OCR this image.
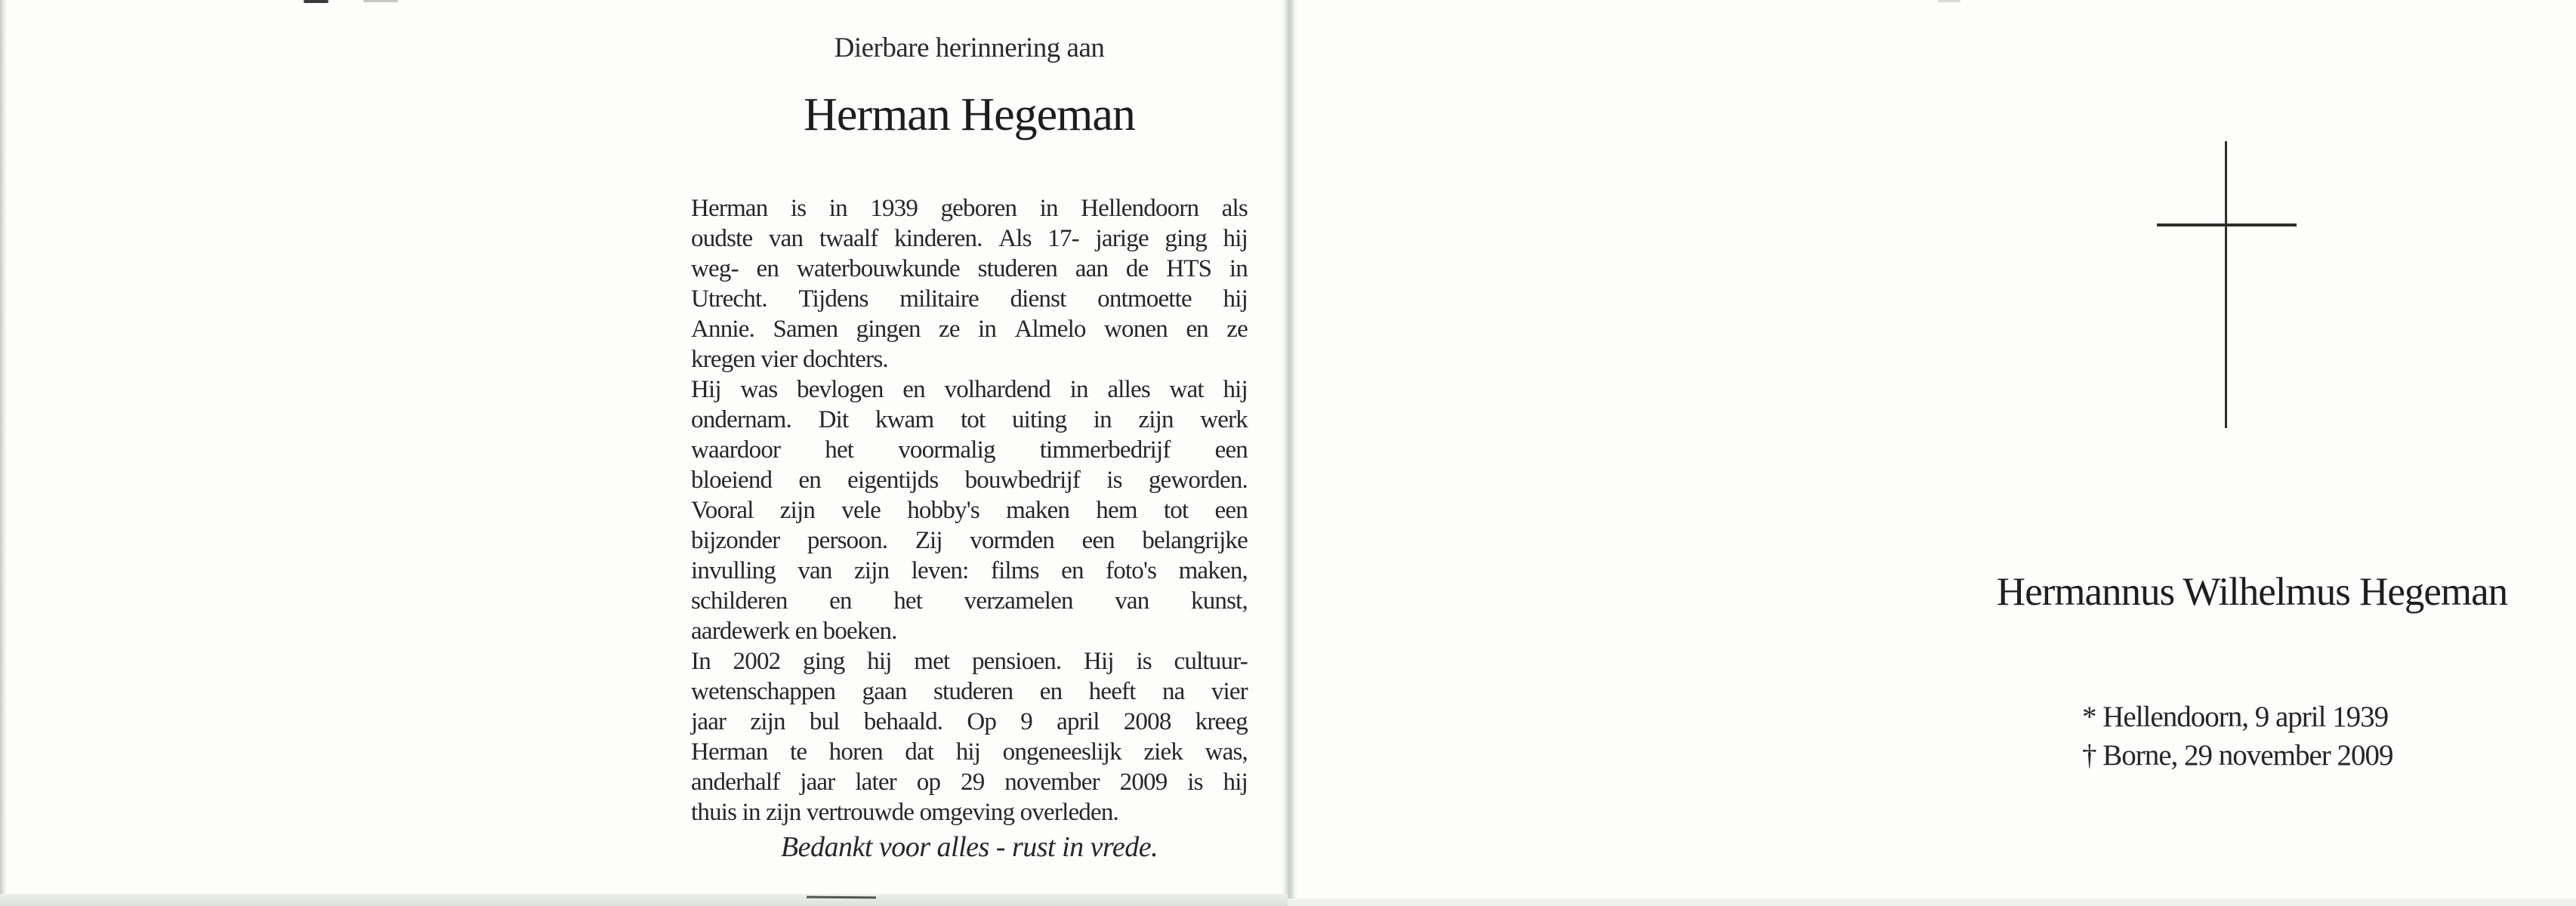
Dierbare herinnering aan
Herman Hegeman
Herman is in 1939 geboren in Hellendoorn als
oudste van twaalf kinderen. Als 17- jarige ging hij
weg- en waterbouwkunde studeren aan de HTS in
Utrecht. Tijdens militaire dienst ontmoette hij
Annie. Samen gingen ze in Almelo wonen en ze
kregen vier dochters.
Hij was bevlogen en volhardend in alles wat hij
ondernam. Dit kwam tot uiting in zijn werk
waardoor het voormalig timmerbedrijf een
bloeiend en eigentijds bouwbedrijf is geworden.
Vooral zijn vele hobby's maken hem tot een
bijzonder persoon. Zij vormden een belangrijke
invulling van zijn leven: films en foto's maken,
schilderen en het verzamelen van kunst,
aardewerk en boeken.
In 2002 ging hij met pensioen. Hij is cultuur-
wetenschappen gaan studeren en heeft na vier
jaar zijn bul behaald. Op 9 april 2008 kreeg
Herman te horen dat hij ongeneeslijk ziek was,
anderhalf jaar later op 29 november 2009 is hij
thuis in zijn vertrouwde omgeving overleden.
Bedankt voor alles - rust in vrede.
Hermannus Wilhelmus Hegeman
* Hellendoorn, 9 april 1939
† Borne, 29 november 2009
